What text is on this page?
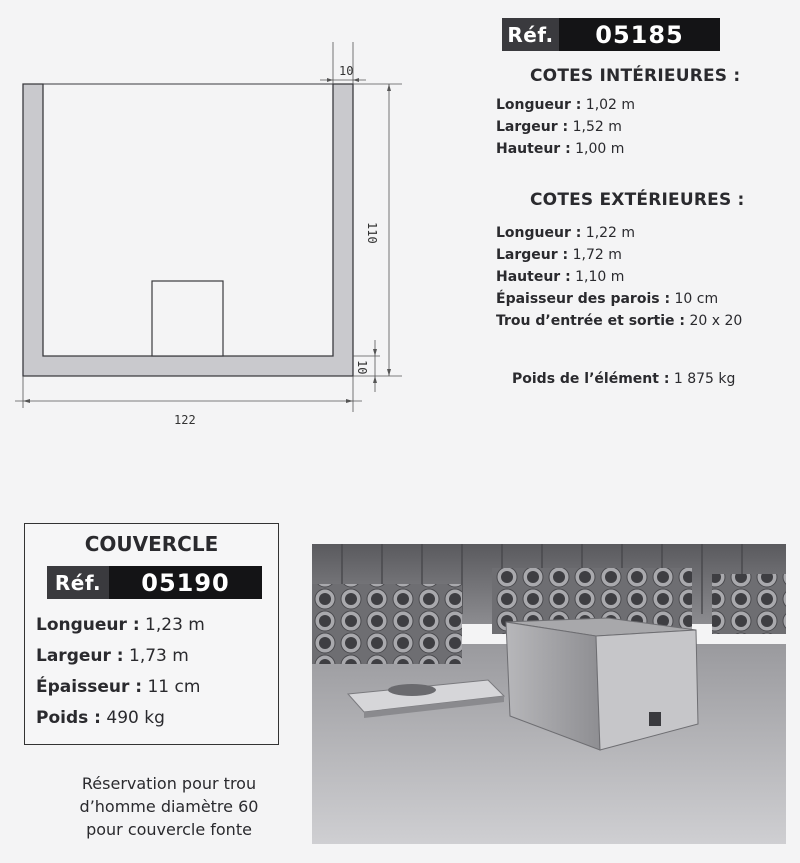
10
110
10
122
Réf.	05185
COTES INTÉRIEURES :
Longueur : 1,02 m
Largeur : 1,52 m
Hauteur : 1,00 m
COTES EXTÉRIEURES :
Longueur : 1,22 m
Largeur : 1,72 m
Hauteur : 1,10 m
Épaisseur des parois : 10 cm
Trou d’entrée et sortie : 20 x 20
Poids de l’élément : 1 875 kg
COUVERCLE
Réf.	05190
Longueur : 1,23 m
Largeur : 1,73 m
Épaisseur : 11 cm
Poids : 490 kg
Réservation pour trou
d’homme diamètre 60
pour couvercle fonte
